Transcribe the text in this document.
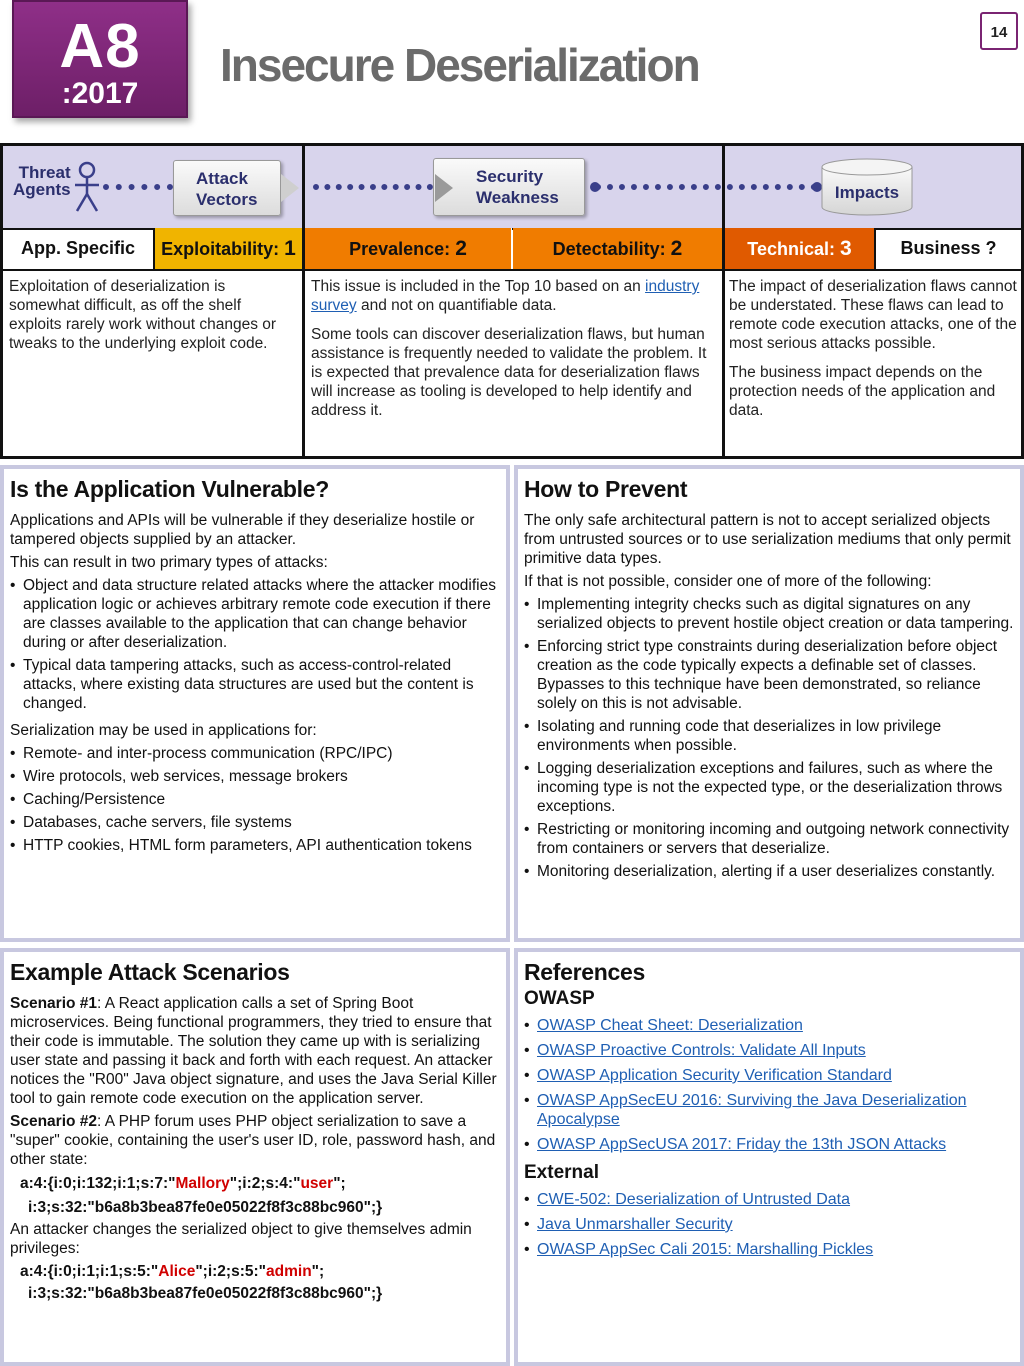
A8
:2017
Insecure Deserialization
14
Threat
Agents
Attack
Vectors
Security
Weakness	Impacts
App. Specific	Exploitability: 1	Prevalence: 2	Detectability: 2	Technical: 3	Business ?

Exploitation of deserialization is somewhat difficult, as off the shelf exploits rarely work without changes or tweaks to the underlying exploit code.

This issue is included in the Top 10 based on an industry survey and not on quantifiable data.

Some tools can discover deserialization flaws, but human assistance is frequently needed to validate the problem. It is expected that prevalence data for deserialization flaws will increase as tooling is developed to help identify and address it.

The impact of deserialization flaws cannot be understated. These flaws can lead to remote code execution attacks, one of the most serious attacks possible.

The business impact depends on the protection needs of the application and data.

Is the Application Vulnerable?

Applications and APIs will be vulnerable if they deserialize hostile or tampered objects supplied by an attacker.

This can result in two primary types of attacks:

• Object and data structure related attacks where the attacker modifies application logic or achieves arbitrary remote code execution if there are classes available to the application that can change behavior during or after deserialization.
• Typical data tampering attacks, such as access-control-related attacks, where existing data structures are used but the content is changed.

Serialization may be used in applications for:

• Remote- and inter-process communication (RPC/IPC)
• Wire protocols, web services, message brokers
• Caching/Persistence
• Databases, cache servers, file systems
• HTTP cookies, HTML form parameters, API authentication tokens
How to Prevent

The only safe architectural pattern is not to accept serialized objects from untrusted sources or to use serialization mediums that only permit primitive data types.

If that is not possible, consider one of more of the following:

• Implementing integrity checks such as digital signatures on any serialized objects to prevent hostile object creation or data tampering.
• Enforcing strict type constraints during deserialization before object creation as the code typically expects a definable set of classes. Bypasses to this technique have been demonstrated, so reliance solely on this is not advisable.
• Isolating and running code that deserializes in low privilege environments when possible.
• Logging deserialization exceptions and failures, such as where the incoming type is not the expected type, or the deserialization throws exceptions.
• Restricting or monitoring incoming and outgoing network connectivity from containers or servers that deserialize.
• Monitoring deserialization, alerting if a user deserializes constantly.
Example Attack Scenarios

Scenario #1: A React application calls a set of Spring Boot microservices. Being functional programmers, they tried to ensure that their code is immutable. The solution they came up with is serializing user state and passing it back and forth with each request. An attacker notices the "R00" Java object signature, and uses the Java Serial Killer tool to gain remote code execution on the application server.

Scenario #2: A PHP forum uses PHP object serialization to save a "super" cookie, containing the user's user ID, role, password hash, and other state:

a:4:{i:0;i:132;i:1;s:7:"Mallory";i:2;s:4:"user";
i:3;s:32:"b6a8b3bea87fe0e05022f8f3c88bc960";}

An attacker changes the serialized object to give themselves admin privileges:

a:4:{i:0;i:1;i:1;s:5:"Alice";i:2;s:5:"admin";
i:3;s:32:"b6a8b3bea87fe0e05022f8f3c88bc960";}
References
OWASP
• OWASP Cheat Sheet: Deserialization
• OWASP Proactive Controls: Validate All Inputs
• OWASP Application Security Verification Standard
• OWASP AppSecEU 2016: Surviving the Java Deserialization Apocalypse
• OWASP AppSecUSA 2017: Friday the 13th JSON Attacks
External
• CWE-502: Deserialization of Untrusted Data
• Java Unmarshaller Security
• OWASP AppSec Cali 2015: Marshalling Pickles
